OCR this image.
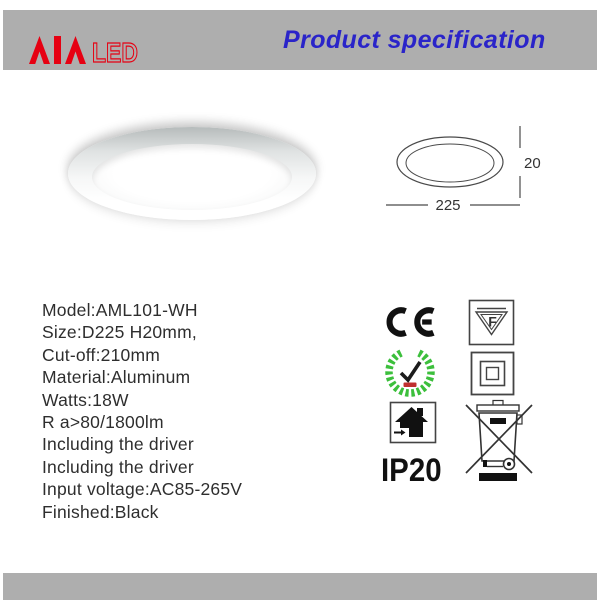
LED	Product specification
20
225
Model:AML101-WH
Size:D225 H20mm,
Cut-off:210mm
Material:Aluminum
Watts:18W
R a>80/1800lm
Including the driver
Including the driver
Input voltage:AC85-265V
Finished:Black
F
IP20
